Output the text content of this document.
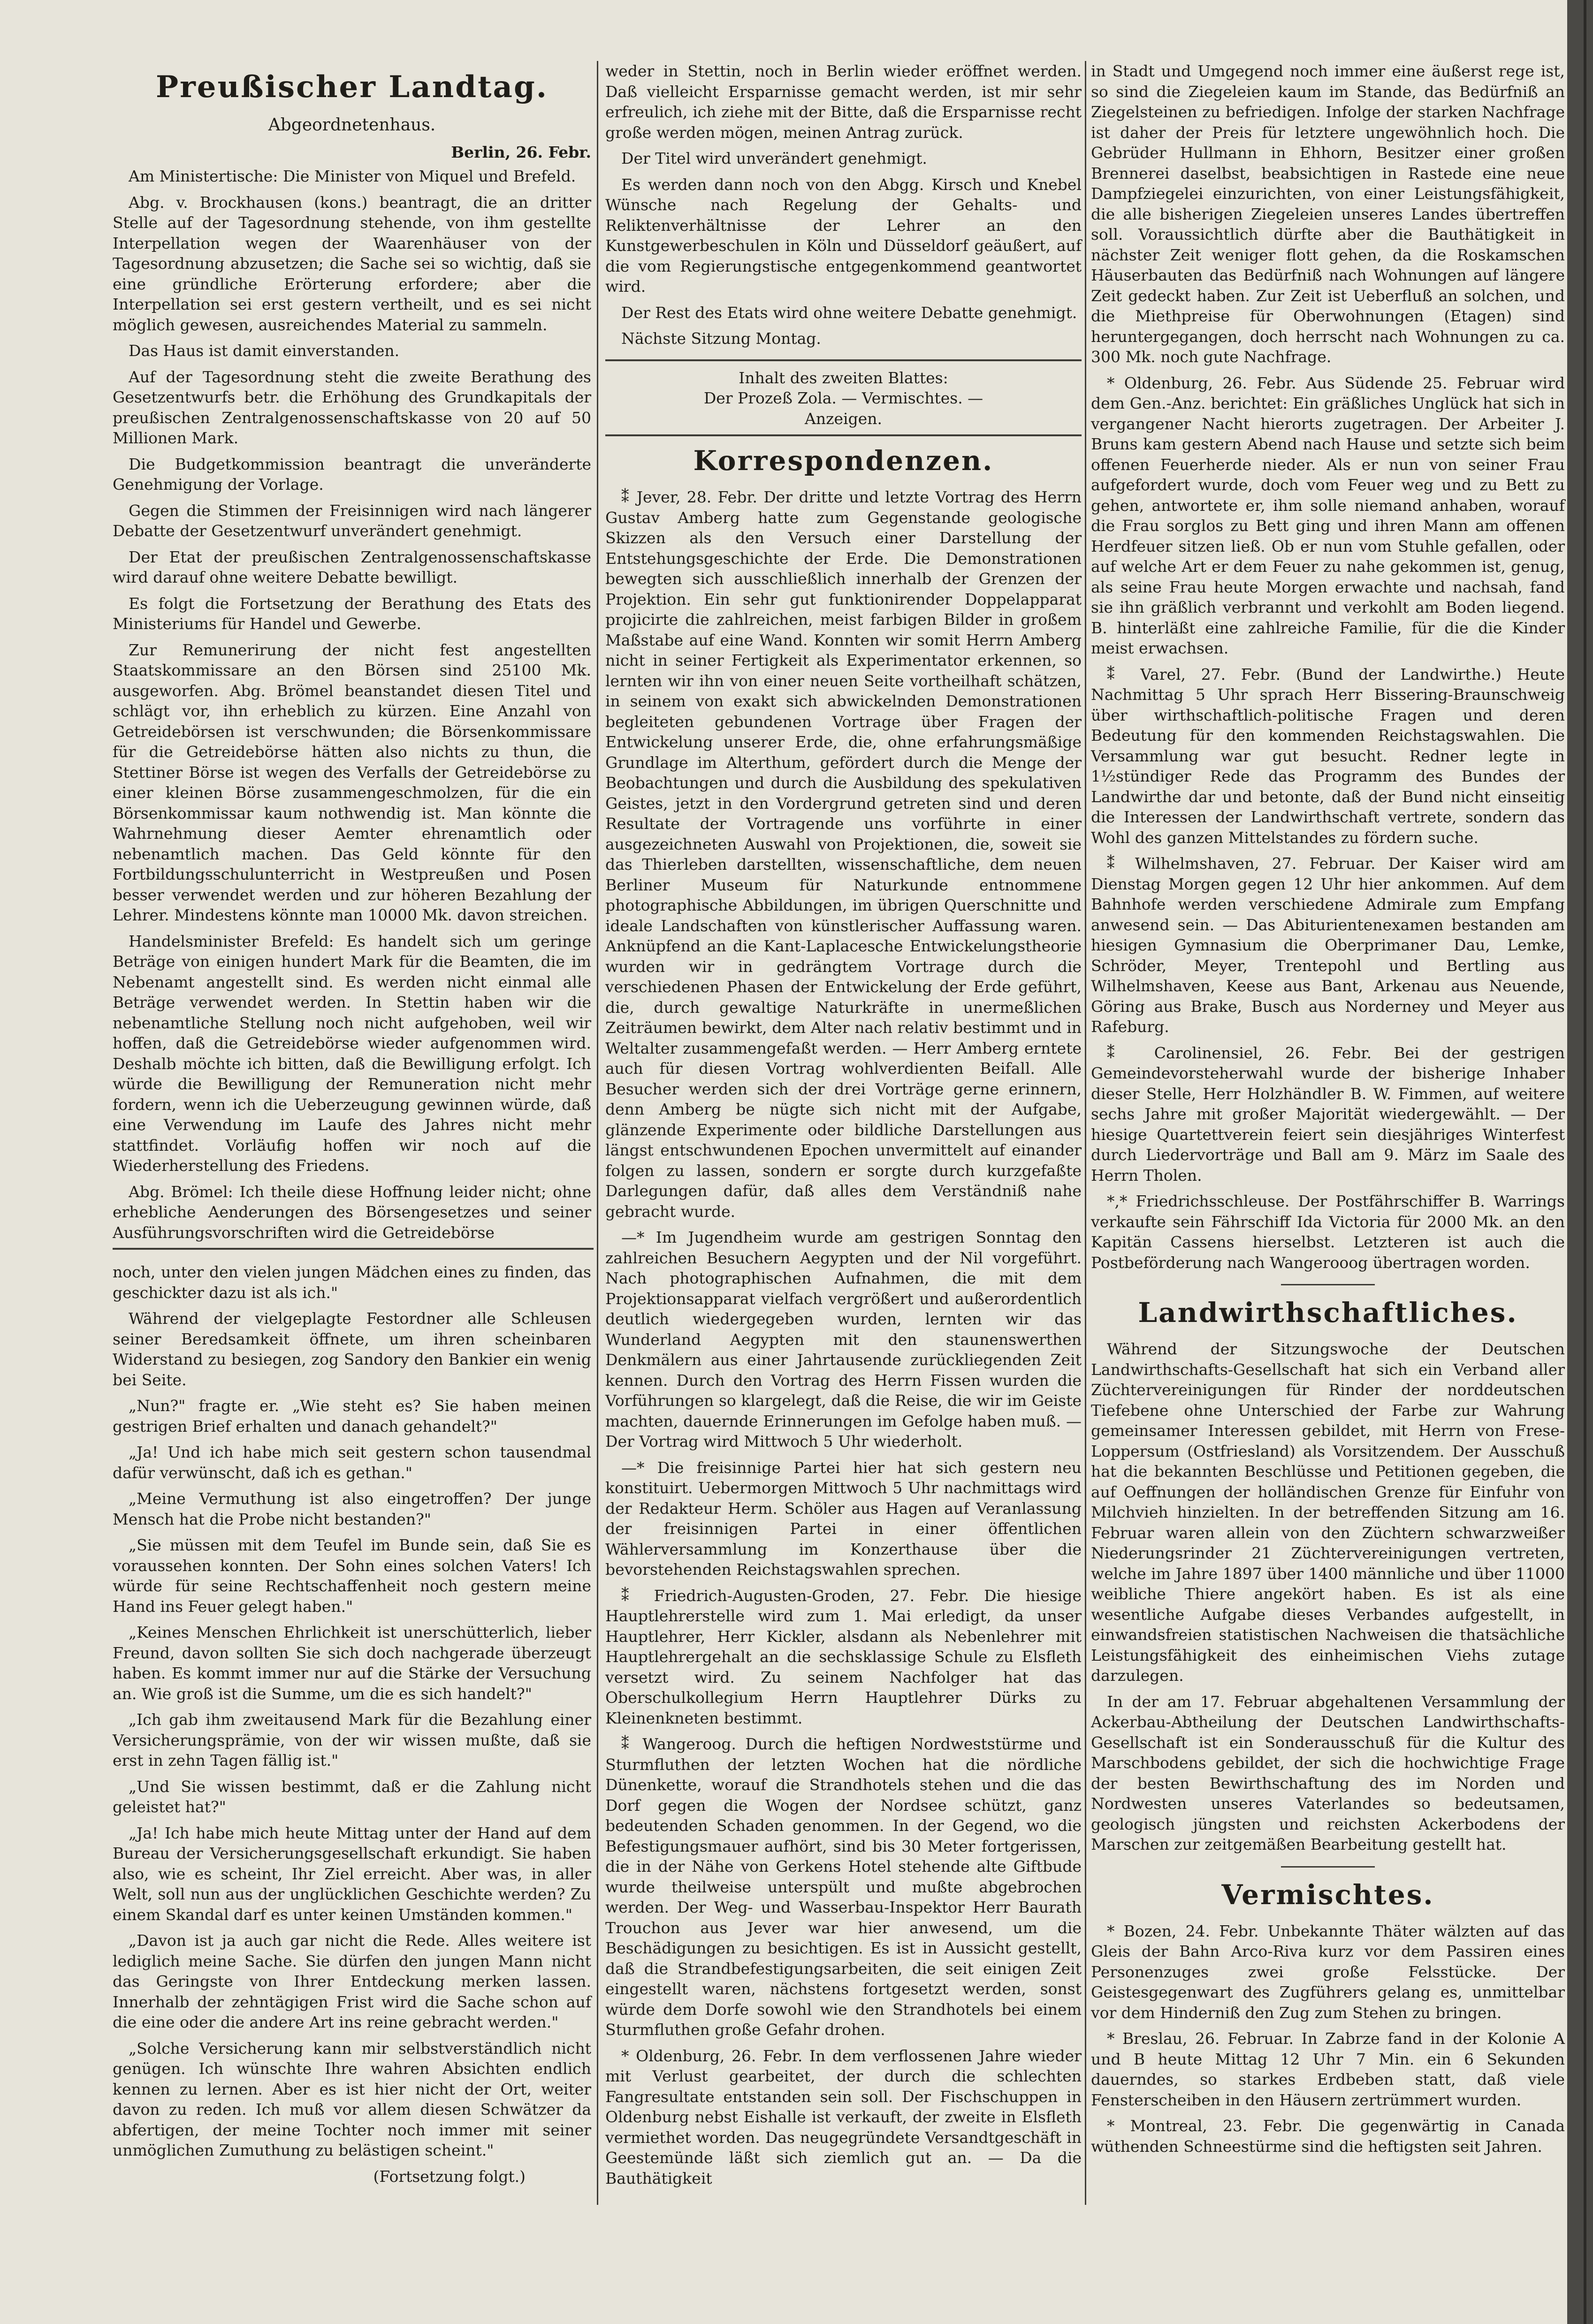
Preußischer Landtag.

Abgeordnetenhaus.

Berlin, 26. Febr.

Am Ministertische: Die Minister von Miquel und Brefeld.

Abg. v. Brockhausen (kons.) beantragt, die an dritter Stelle auf der Tagesordnung stehende, von ihm gestellte Interpellation wegen der Waarenhäuser von der Tagesordnung abzusetzen; die Sache sei so wichtig, daß sie eine gründliche Erörterung erfordere; aber die Interpellation sei erst gestern vertheilt, und es sei nicht möglich gewesen, ausreichendes Material zu sammeln.

Das Haus ist damit einverstanden.

Auf der Tagesordnung steht die zweite Berathung des Gesetzentwurfs betr. die Erhöhung des Grundkapitals der preußischen Zentralgenossenschaftskasse von 20 auf 50 Millionen Mark.

Die Budgetkommission beantragt die unveränderte Genehmigung der Vorlage.

Gegen die Stimmen der Freisinnigen wird nach längerer Debatte der Gesetzentwurf unverändert genehmigt.

Der Etat der preußischen Zentralgenossenschaftskasse wird darauf ohne weitere Debatte bewilligt.

Es folgt die Fortsetzung der Berathung des Etats des Ministeriums für Handel und Gewerbe.

Zur Remunerirung der nicht fest angestellten Staatskommissare an den Börsen sind 25100 Mk. ausgeworfen. Abg. Brömel beanstandet diesen Titel und schlägt vor, ihn erheblich zu kürzen. Eine Anzahl von Getreidebörsen ist verschwunden; die Börsenkommissare für die Getreidebörse hätten also nichts zu thun, die Stettiner Börse ist wegen des Verfalls der Getreidebörse zu einer kleinen Börse zusammengeschmolzen, für die ein Börsenkommissar kaum nothwendig ist. Man könnte die Wahrnehmung dieser Aemter ehrenamtlich oder nebenamtlich machen. Das Geld könnte für den Fortbildungsschulunterricht in Westpreußen und Posen besser verwendet werden und zur höheren Bezahlung der Lehrer. Mindestens könnte man 10000 Mk. davon streichen.

Handelsminister Brefeld: Es handelt sich um geringe Beträge von einigen hundert Mark für die Beamten, die im Nebenamt angestellt sind. Es werden nicht einmal alle Beträge verwendet werden. In Stettin haben wir die nebenamtliche Stellung noch nicht aufgehoben, weil wir hoffen, daß die Getreidebörse wieder aufgenommen wird. Deshalb möchte ich bitten, daß die Bewilligung erfolgt. Ich würde die Bewilligung der Remuneration nicht mehr fordern, wenn ich die Ueberzeugung gewinnen würde, daß eine Verwendung im Laufe des Jahres nicht mehr stattfindet. Vorläufig hoffen wir noch auf die Wiederherstellung des Friedens.

Abg. Brömel: Ich theile diese Hoffnung leider nicht; ohne erhebliche Aenderungen des Börsengesetzes und seiner Ausführungsvorschriften wird die Getreidebörse

noch, unter den vielen jungen Mädchen eines zu finden, das geschickter dazu ist als ich."

Während der vielgeplagte Festordner alle Schleusen seiner Beredsamkeit öffnete, um ihren scheinbaren Widerstand zu besiegen, zog Sandory den Bankier ein wenig bei Seite.

„Nun?" fragte er. „Wie steht es? Sie haben meinen gestrigen Brief erhalten und danach gehandelt?"

„Ja! Und ich habe mich seit gestern schon tausendmal dafür verwünscht, daß ich es gethan."

„Meine Vermuthung ist also eingetroffen? Der junge Mensch hat die Probe nicht bestanden?"

„Sie müssen mit dem Teufel im Bunde sein, daß Sie es voraussehen konnten. Der Sohn eines solchen Vaters! Ich würde für seine Rechtschaffenheit noch gestern meine Hand ins Feuer gelegt haben."

„Keines Menschen Ehrlichkeit ist unerschütterlich, lieber Freund, davon sollten Sie sich doch nachgerade überzeugt haben. Es kommt immer nur auf die Stärke der Versuchung an. Wie groß ist die Summe, um die es sich handelt?"

„Ich gab ihm zweitausend Mark für die Bezahlung einer Versicherungsprämie, von der wir wissen mußte, daß sie erst in zehn Tagen fällig ist."

„Und Sie wissen bestimmt, daß er die Zahlung nicht geleistet hat?"

„Ja! Ich habe mich heute Mittag unter der Hand auf dem Bureau der Versicherungsgesellschaft erkundigt. Sie haben also, wie es scheint, Ihr Ziel erreicht. Aber was, in aller Welt, soll nun aus der unglücklichen Geschichte werden? Zu einem Skandal darf es unter keinen Umständen kommen."

„Davon ist ja auch gar nicht die Rede. Alles weitere ist lediglich meine Sache. Sie dürfen den jungen Mann nicht das Geringste von Ihrer Entdeckung merken lassen. Innerhalb der zehntägigen Frist wird die Sache schon auf die eine oder die andere Art ins reine gebracht werden."

„Solche Versicherung kann mir selbstverständlich nicht genügen. Ich wünschte Ihre wahren Absichten endlich kennen zu lernen. Aber es ist hier nicht der Ort, weiter davon zu reden. Ich muß vor allem diesen Schwätzer da abfertigen, der meine Tochter noch immer mit seiner unmöglichen Zumuthung zu belästigen scheint."

(Fortsetzung folgt.)

weder in Stettin, noch in Berlin wieder eröffnet werden. Daß vielleicht Ersparnisse gemacht werden, ist mir sehr erfreulich, ich ziehe mit der Bitte, daß die Ersparnisse recht große werden mögen, meinen Antrag zurück.

Der Titel wird unverändert genehmigt.

Es werden dann noch von den Abgg. Kirsch und Knebel Wünsche nach Regelung der Gehalts- und Reliktenverhältnisse der Lehrer an den Kunstgewerbeschulen in Köln und Düsseldorf geäußert, auf die vom Regierungstische entgegenkommend geantwortet wird.

Der Rest des Etats wird ohne weitere Debatte genehmigt.

Nächste Sitzung Montag.

Inhalt des zweiten Blattes:

Der Prozeß Zola. — Vermischtes. —

Anzeigen.

Korrespondenzen.

⁑ Jever, 28. Febr. Der dritte und letzte Vortrag des Herrn Gustav Amberg hatte zum Gegenstande geologische Skizzen als den Versuch einer Darstellung der Entstehungsgeschichte der Erde. Die Demonstrationen bewegten sich ausschließlich innerhalb der Grenzen der Projektion. Ein sehr gut funktionirender Doppelapparat projicirte die zahlreichen, meist farbigen Bilder in großem Maßstabe auf eine Wand. Konnten wir somit Herrn Amberg nicht in seiner Fertigkeit als Experimentator erkennen, so lernten wir ihn von einer neuen Seite vortheilhaft schätzen, in seinem von exakt sich abwickelnden Demonstrationen begleiteten gebundenen Vortrage über Fragen der Entwickelung unserer Erde, die, ohne erfahrungsmäßige Grundlage im Alterthum, gefördert durch die Menge der Beobachtungen und durch die Ausbildung des spekulativen Geistes, jetzt in den Vordergrund getreten sind und deren Resultate der Vortragende uns vorführte in einer ausgezeichneten Auswahl von Projektionen, die, soweit sie das Thierleben darstellten, wissenschaftliche, dem neuen Berliner Museum für Naturkunde entnommene photographische Abbildungen, im übrigen Querschnitte und ideale Landschaften von künstlerischer Auffassung waren. Anknüpfend an die Kant-Laplacesche Entwickelungstheorie wurden wir in gedrängtem Vortrage durch die verschiedenen Phasen der Entwickelung der Erde geführt, die, durch gewaltige Naturkräfte in unermeßlichen Zeiträumen bewirkt, dem Alter nach relativ bestimmt und in Weltalter zusammengefaßt werden. — Herr Amberg erntete auch für diesen Vortrag wohlverdienten Beifall. Alle Besucher werden sich der drei Vorträge gerne erinnern, denn Amberg be nügte sich nicht mit der Aufgabe, glänzende Experimente oder bildliche Darstellungen aus längst entschwundenen Epochen unvermittelt auf einander folgen zu lassen, sondern er sorgte durch kurzgefaßte Darlegungen dafür, daß alles dem Verständniß nahe gebracht wurde.

—* Im Jugendheim wurde am gestrigen Sonntag den zahlreichen Besuchern Aegypten und der Nil vorgeführt. Nach photographischen Aufnahmen, die mit dem Projektionsapparat vielfach vergrößert und außerordentlich deutlich wiedergegeben wurden, lernten wir das Wunderland Aegypten mit den staunenswerthen Denkmälern aus einer Jahrtausende zurückliegenden Zeit kennen. Durch den Vortrag des Herrn Fissen wurden die Vorführungen so klargelegt, daß die Reise, die wir im Geiste machten, dauernde Erinnerungen im Gefolge haben muß. — Der Vortrag wird Mittwoch 5 Uhr wiederholt.

—* Die freisinnige Partei hier hat sich gestern neu konstituirt. Uebermorgen Mittwoch 5 Uhr nachmittags wird der Redakteur Herm. Schöler aus Hagen auf Veranlassung der freisinnigen Partei in einer öffentlichen Wählerversammlung im Konzerthause über die bevorstehenden Reichstagswahlen sprechen.

⁑ Friedrich-Augusten-Groden, 27. Febr. Die hiesige Hauptlehrerstelle wird zum 1. Mai erledigt, da unser Hauptlehrer, Herr Kickler, alsdann als Nebenlehrer mit Hauptlehrergehalt an die sechsklassige Schule zu Elsfleth versetzt wird. Zu seinem Nachfolger hat das Oberschulkollegium Herrn Hauptlehrer Dürks zu Kleinenkneten bestimmt.

⁑ Wangeroog. Durch die heftigen Nordweststürme und Sturmfluthen der letzten Wochen hat die nördliche Dünenkette, worauf die Strandhotels stehen und die das Dorf gegen die Wogen der Nordsee schützt, ganz bedeutenden Schaden genommen. In der Gegend, wo die Befestigungsmauer aufhört, sind bis 30 Meter fortgerissen, die in der Nähe von Gerkens Hotel stehende alte Giftbude wurde theilweise unterspült und mußte abgebrochen werden. Der Weg- und Wasserbau-Inspektor Herr Baurath Trouchon aus Jever war hier anwesend, um die Beschädigungen zu besichtigen. Es ist in Aussicht gestellt, daß die Strandbefestigungsarbeiten, die seit einigen Zeit eingestellt waren, nächstens fortgesetzt werden, sonst würde dem Dorfe sowohl wie den Strandhotels bei einem Sturmfluthen große Gefahr drohen.

* Oldenburg, 26. Febr. In dem verflossenen Jahre wieder mit Verlust gearbeitet, der durch die schlechten Fangresultate entstanden sein soll. Der Fischschuppen in Oldenburg nebst Eishalle ist verkauft, der zweite in Elsfleth vermiethet worden. Das neugegründete Versandtgeschäft in Geestemünde läßt sich ziemlich gut an. — Da die Bauthätigkeit

in Stadt und Umgegend noch immer eine äußerst rege ist, so sind die Ziegeleien kaum im Stande, das Bedürfniß an Ziegelsteinen zu befriedigen. Infolge der starken Nachfrage ist daher der Preis für letztere ungewöhnlich hoch. Die Gebrüder Hullmann in Ehhorn, Besitzer einer großen Brennerei daselbst, beabsichtigen in Rastede eine neue Dampfziegelei einzurichten, von einer Leistungsfähigkeit, die alle bisherigen Ziegeleien unseres Landes übertreffen soll. Voraussichtlich dürfte aber die Bauthätigkeit in nächster Zeit weniger flott gehen, da die Roskamschen Häuserbauten das Bedürfniß nach Wohnungen auf längere Zeit gedeckt haben. Zur Zeit ist Ueberfluß an solchen, und die Miethpreise für Oberwohnungen (Etagen) sind heruntergegangen, doch herrscht nach Wohnungen zu ca. 300 Mk. noch gute Nachfrage.

* Oldenburg, 26. Febr. Aus Südende 25. Februar wird dem Gen.-Anz. berichtet: Ein gräßliches Unglück hat sich in vergangener Nacht hierorts zugetragen. Der Arbeiter J. Bruns kam gestern Abend nach Hause und setzte sich beim offenen Feuerherde nieder. Als er nun von seiner Frau aufgefordert wurde, doch vom Feuer weg und zu Bett zu gehen, antwortete er, ihm solle niemand anhaben, worauf die Frau sorglos zu Bett ging und ihren Mann am offenen Herdfeuer sitzen ließ. Ob er nun vom Stuhle gefallen, oder auf welche Art er dem Feuer zu nahe gekommen ist, genug, als seine Frau heute Morgen erwachte und nachsah, fand sie ihn gräßlich verbrannt und verkohlt am Boden liegend. B. hinterläßt eine zahlreiche Familie, für die die Kinder meist erwachsen.

⁑ Varel, 27. Febr. (Bund der Landwirthe.) Heute Nachmittag 5 Uhr sprach Herr Bissering-Braunschweig über wirthschaftlich-politische Fragen und deren Bedeutung für den kommenden Reichstagswahlen. Die Versammlung war gut besucht. Redner legte in 1½stündiger Rede das Programm des Bundes der Landwirthe dar und betonte, daß der Bund nicht einseitig die Interessen der Landwirthschaft vertrete, sondern das Wohl des ganzen Mittelstandes zu fördern suche.

⁑ Wilhelmshaven, 27. Februar. Der Kaiser wird am Dienstag Morgen gegen 12 Uhr hier ankommen. Auf dem Bahnhofe werden verschiedene Admirale zum Empfang anwesend sein. — Das Abiturientenexamen bestanden am hiesigen Gymnasium die Oberprimaner Dau, Lemke, Schröder, Meyer, Trentepohl und Bertling aus Wilhelmshaven, Keese aus Bant, Arkenau aus Neuende, Göring aus Brake, Busch aus Norderney und Meyer aus Rafeburg.

⁑ Carolinensiel, 26. Febr. Bei der gestrigen Gemeindevorsteherwahl wurde der bisherige Inhaber dieser Stelle, Herr Holzhändler B. W. Fimmen, auf weitere sechs Jahre mit großer Majorität wiedergewählt. — Der hiesige Quartettverein feiert sein diesjähriges Winterfest durch Liedervorträge und Ball am 9. März im Saale des Herrn Tholen.

*,* Friedrichsschleuse. Der Postfährschiffer B. Warrings verkaufte sein Fährschiff Ida Victoria für 2000 Mk. an den Kapitän Cassens hierselbst. Letzteren ist auch die Postbeförderung nach Wangerooog übertragen worden.

Landwirthschaftliches.

Während der Sitzungswoche der Deutschen Landwirthschafts-Gesellschaft hat sich ein Verband aller Züchtervereinigungen für Rinder der norddeutschen Tiefebene ohne Unterschied der Farbe zur Wahrung gemeinsamer Interessen gebildet, mit Herrn von Frese-Loppersum (Ostfriesland) als Vorsitzendem. Der Ausschuß hat die bekannten Beschlüsse und Petitionen gegeben, die auf Oeffnungen der holländischen Grenze für Einfuhr von Milchvieh hinzielten. In der betreffenden Sitzung am 16. Februar waren allein von den Züchtern schwarzweißer Niederungsrinder 21 Züchtervereinigungen vertreten, welche im Jahre 1897 über 1400 männliche und über 11000 weibliche Thiere angekört haben. Es ist als eine wesentliche Aufgabe dieses Verbandes aufgestellt, in einwandsfreien statistischen Nachweisen die thatsächliche Leistungsfähigkeit des einheimischen Viehs zutage darzulegen.

In der am 17. Februar abgehaltenen Versammlung der Ackerbau-Abtheilung der Deutschen Landwirthschafts-Gesellschaft ist ein Sonderausschuß für die Kultur des Marschbodens gebildet, der sich die hochwichtige Frage der besten Bewirthschaftung des im Norden und Nordwesten unseres Vaterlandes so bedeutsamen, geologisch jüngsten und reichsten Ackerbodens der Marschen zur zeitgemäßen Bearbeitung gestellt hat.

Vermischtes.

* Bozen, 24. Febr. Unbekannte Thäter wälzten auf das Gleis der Bahn Arco-Riva kurz vor dem Passiren eines Personenzuges zwei große Felsstücke. Der Geistesgegenwart des Zugführers gelang es, unmittelbar vor dem Hinderniß den Zug zum Stehen zu bringen.

* Breslau, 26. Februar. In Zabrze fand in der Kolonie A und B heute Mittag 12 Uhr 7 Min. ein 6 Sekunden dauerndes, so starkes Erdbeben statt, daß viele Fensterscheiben in den Häusern zertrümmert wurden.

* Montreal, 23. Febr. Die gegenwärtig in Canada wüthenden Schneestürme sind die heftigsten seit Jahren.
